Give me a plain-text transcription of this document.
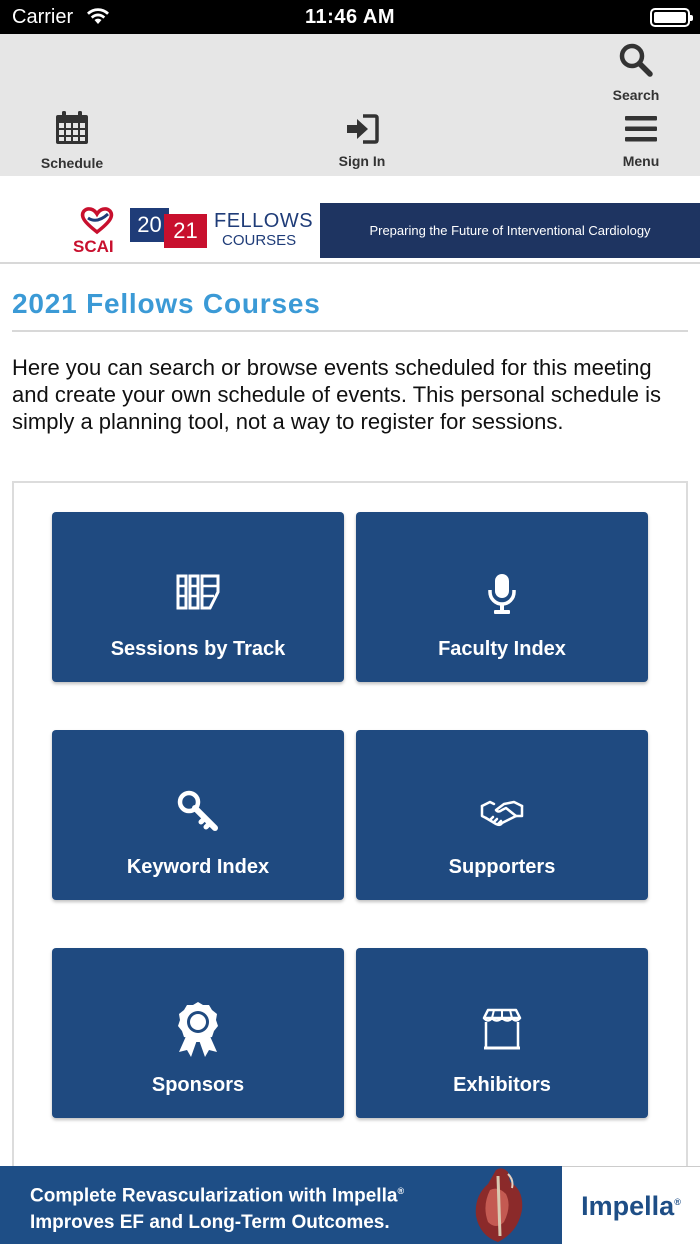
Carrier	11:46 AM
Search
Schedule	Sign In	Menu
SCAI
20 21 FELLOWS
COURSES
Preparing the Future of Interventional Cardiology
2021 Fellows Courses

Here you can search or browse events scheduled for this meeting and create your own schedule of events. This personal schedule is simply a planning tool, not a way to register for sessions.

Sessions by Track	Faculty Index
Keyword Index	Supporters
Sponsors	Exhibitors
Complete Revascularization with Impella®
Improves EF and Long-Term Outcomes.
Impella®
